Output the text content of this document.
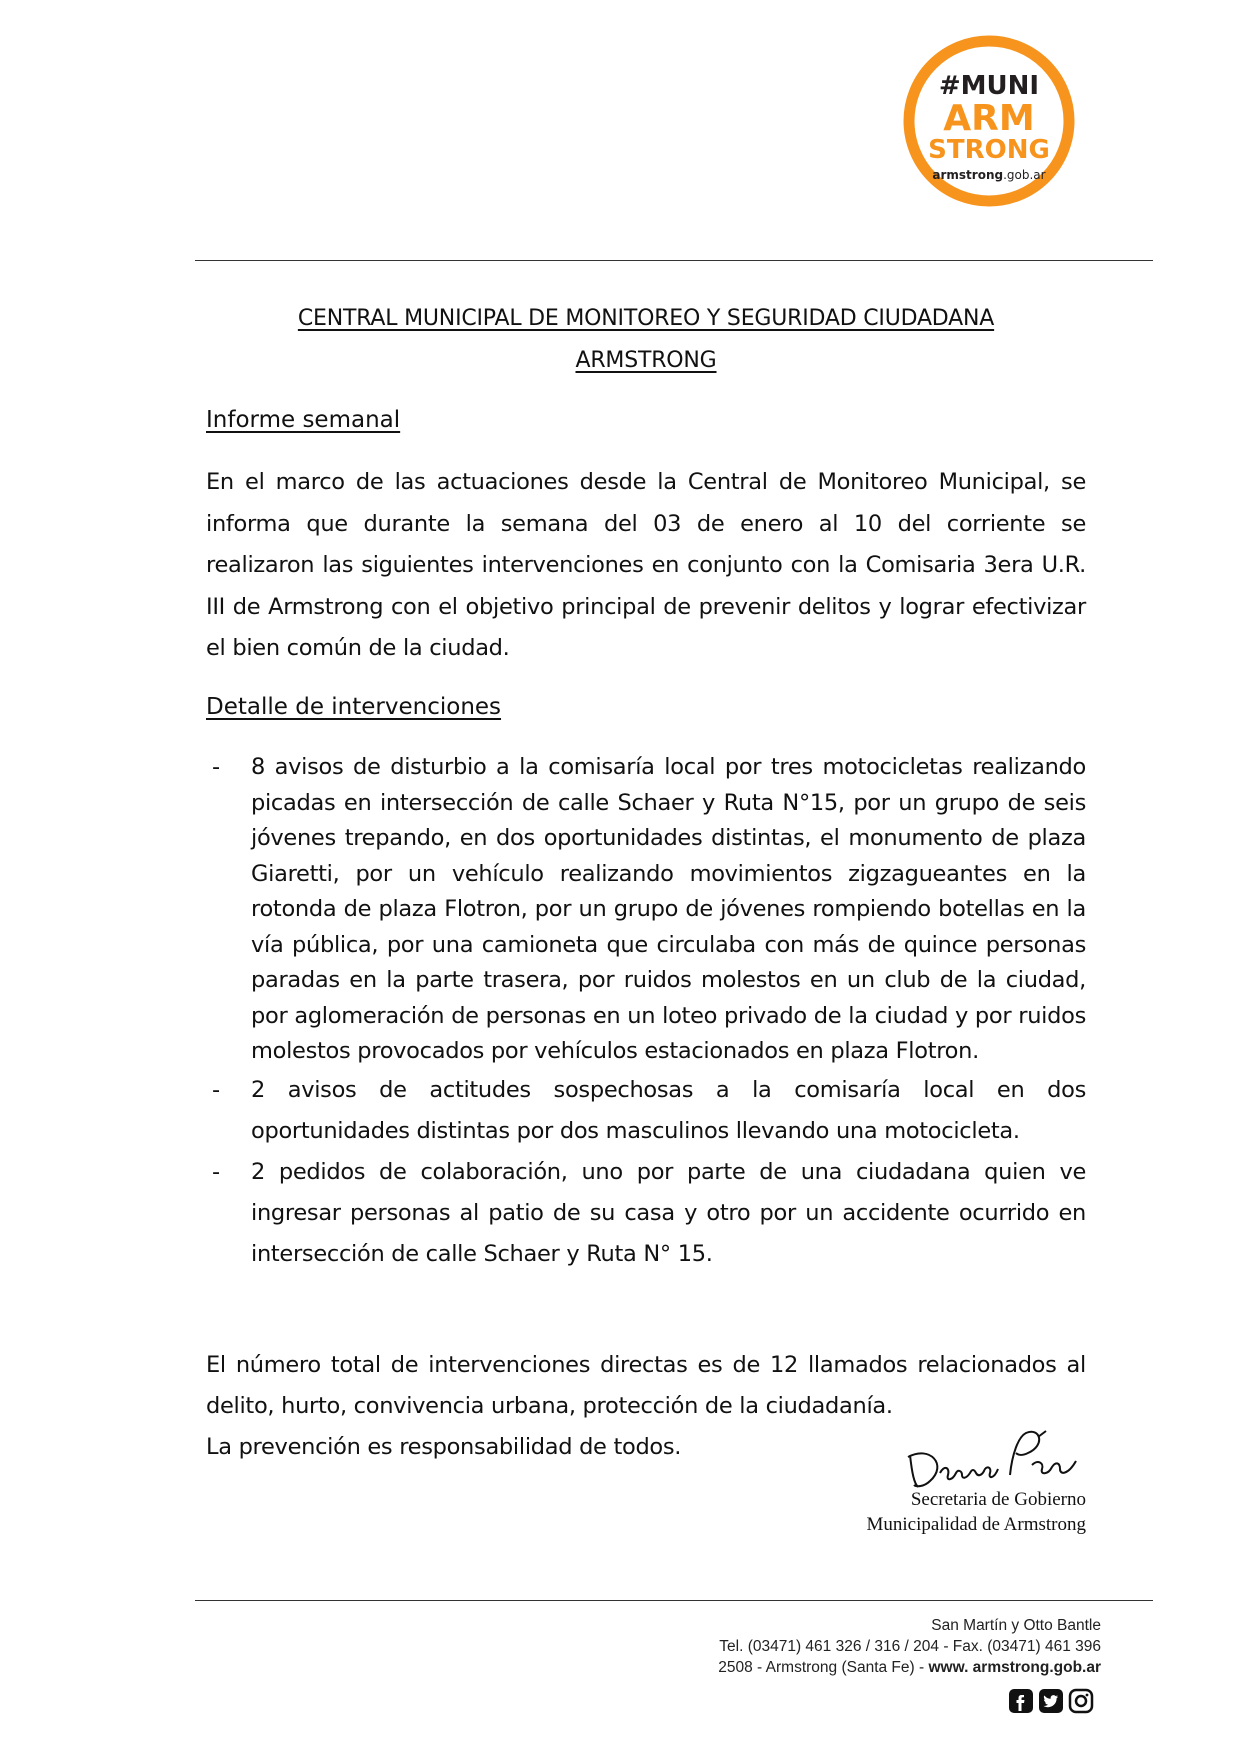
#MUNI
ARM
STRONG
armstrong.gob.ar
CENTRAL MUNICIPAL DE MONITOREO Y SEGURIDAD CIUDADANA
ARMSTRONG

Informe semanal

En el marco de las actuaciones desde la Central de Monitoreo Municipal, se informa que durante la semana del 03 de enero al 10 del corriente se realizaron las siguientes intervenciones en conjunto con la Comisaria 3era U.R. III de Armstrong con el objetivo principal de prevenir delitos y lograr efectivizar el bien común de la ciudad.

Detalle de intervenciones

- 8 avisos de disturbio a la comisaría local por tres motocicletas realizando picadas en intersección de calle Schaer y Ruta N°15, por un grupo de seis jóvenes trepando, en dos oportunidades distintas, el monumento de plaza Giaretti, por un vehículo realizando movimientos zigzagueantes en la rotonda de plaza Flotron, por un grupo de jóvenes rompiendo botellas en la vía pública, por una camioneta que circulaba con más de quince personas paradas en la parte trasera, por ruidos molestos en un club de la ciudad, por aglomeración de personas en un loteo privado de la ciudad y por ruidos molestos provocados por vehículos estacionados en plaza Flotron.
- 2 avisos de actitudes sospechosas a la comisaría local en dos oportunidades distintas por dos masculinos llevando una motocicleta.
- 2 pedidos de colaboración, uno por parte de una ciudadana quien ve ingresar personas al patio de su casa y otro por un accidente ocurrido en intersección de calle Schaer y Ruta N° 15.

El número total de intervenciones directas es de 12 llamados relacionados al delito, hurto, convivencia urbana, protección de la ciudadanía.

La prevención es responsabilidad de todos.

Secretaria de Gobierno
Municipalidad de Armstrong
San Martín y Otto Bantle
Tel. (03471) 461 326 / 316 / 204 - Fax. (03471) 461 396
2508 - Armstrong (Santa Fe) - www. armstrong.gob.ar
